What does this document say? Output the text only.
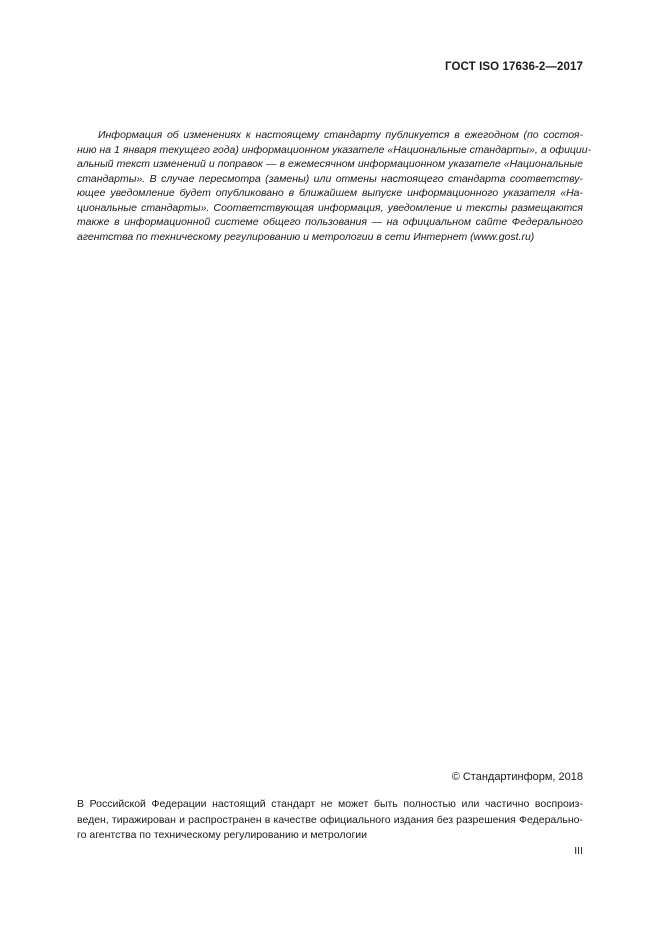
ГОСТ ISO 17636-2—2017
Информация об изменениях к настоящему стандарту публикуется в ежегодном (по состоя-
нию на 1 января текущего года) информационном указателе «Национальные стандарты», а официи-
альный текст изменений и поправок — в ежемесячном информационном указателе «Национальные
стандарты». В случае пересмотра (замены) или отмены настоящего стандарта соответству-
ющее уведомление будет опубликовано в ближайшем выпуске информационного указателя «На-
циональные стандарты». Соответствующая информация, уведомление и тексты размещаются
также в информационной системе общего пользования — на официальном сайте Федерального
агентства по техническому регулированию и метрологии в сети Интернет (www.gost.ru)
© Стандартинформ, 2018
В Российской Федерации настоящий стандарт не может быть полностью или частично воспроиз-
веден, тиражирован и распространен в качестве официального издания без разрешения Федерально-
го агентства по техническому регулированию и метрологии
III
